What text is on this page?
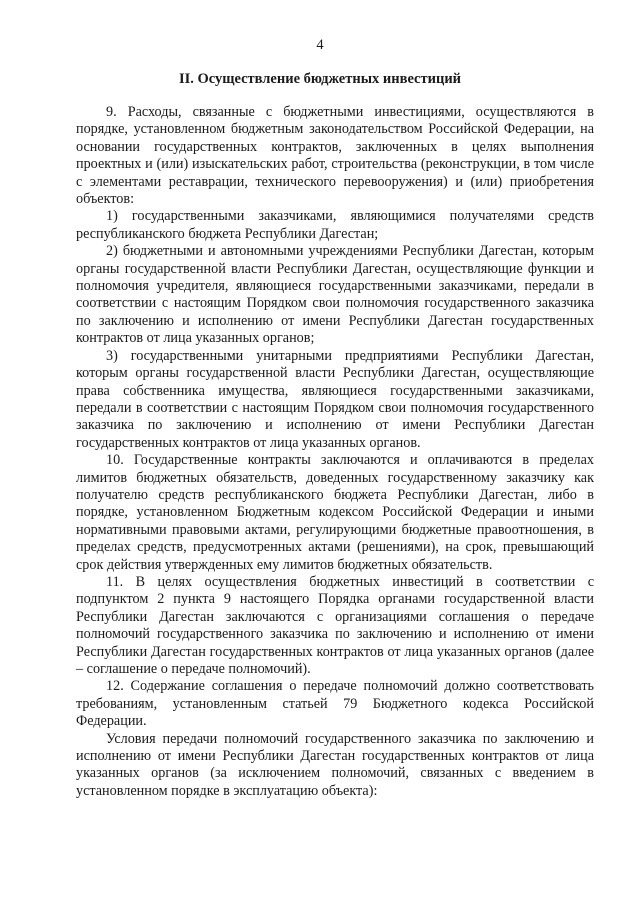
4
II. Осуществление бюджетных инвестиций

9. Расходы, связанные с бюджетными инвестициями, осуществляются в порядке, установленном бюджетным законодательством Российской Федерации, на основании государственных контрактов, заключенных в целях выполнения проектных и (или) изыскательских работ, строительства (реконструкции, в том числе с элементами реставрации, технического перевооружения) и (или) приобретения объектов:

1) государственными заказчиками, являющимися получателями средств республиканского бюджета Республики Дагестан;

2) бюджетными и автономными учреждениями Республики Дагестан, которым органы государственной власти Республики Дагестан, осуществляющие функции и полномочия учредителя, являющиеся государственными заказчиками, передали в соответствии с настоящим Порядком свои полномочия государственного заказчика по заключению и исполнению от имени Республики Дагестан государственных контрактов от лица указанных органов;

3) государственными унитарными предприятиями Республики Дагестан, которым органы государственной власти Республики Дагестан, осуществляющие права собственника имущества, являющиеся государственными заказчиками, передали в соответствии с настоящим Порядком свои полномочия государственного заказчика по заключению и исполнению от имени Республики Дагестан государственных контрактов от лица указанных органов.

10. Государственные контракты заключаются и оплачиваются в пределах лимитов бюджетных обязательств, доведенных государственному заказчику как получателю средств республиканского бюджета Республики Дагестан, либо в порядке, установленном Бюджетным кодексом Российской Федерации и иными нормативными правовыми актами, регулирующими бюджетные правоотношения, в пределах средств, предусмотренных актами (решениями), на срок, превышающий срок действия утвержденных ему лимитов бюджетных обязательств.

11. В целях осуществления бюджетных инвестиций в соответствии с подпунктом 2 пункта 9 настоящего Порядка органами государственной власти Республики Дагестан заключаются с организациями соглашения о передаче полномочий государственного заказчика по заключению и исполнению от имени Республики Дагестан государственных контрактов от лица указанных органов (далее – соглашение о передаче полномочий).

12. Содержание соглашения о передаче полномочий должно соответствовать требованиям, установленным статьей 79 Бюджетного кодекса Российской Федерации.

Условия передачи полномочий государственного заказчика по заключению и исполнению от имени Республики Дагестан государственных контрактов от лица указанных органов (за исключением полномочий, связанных с введением в установленном порядке в эксплуатацию объекта):
